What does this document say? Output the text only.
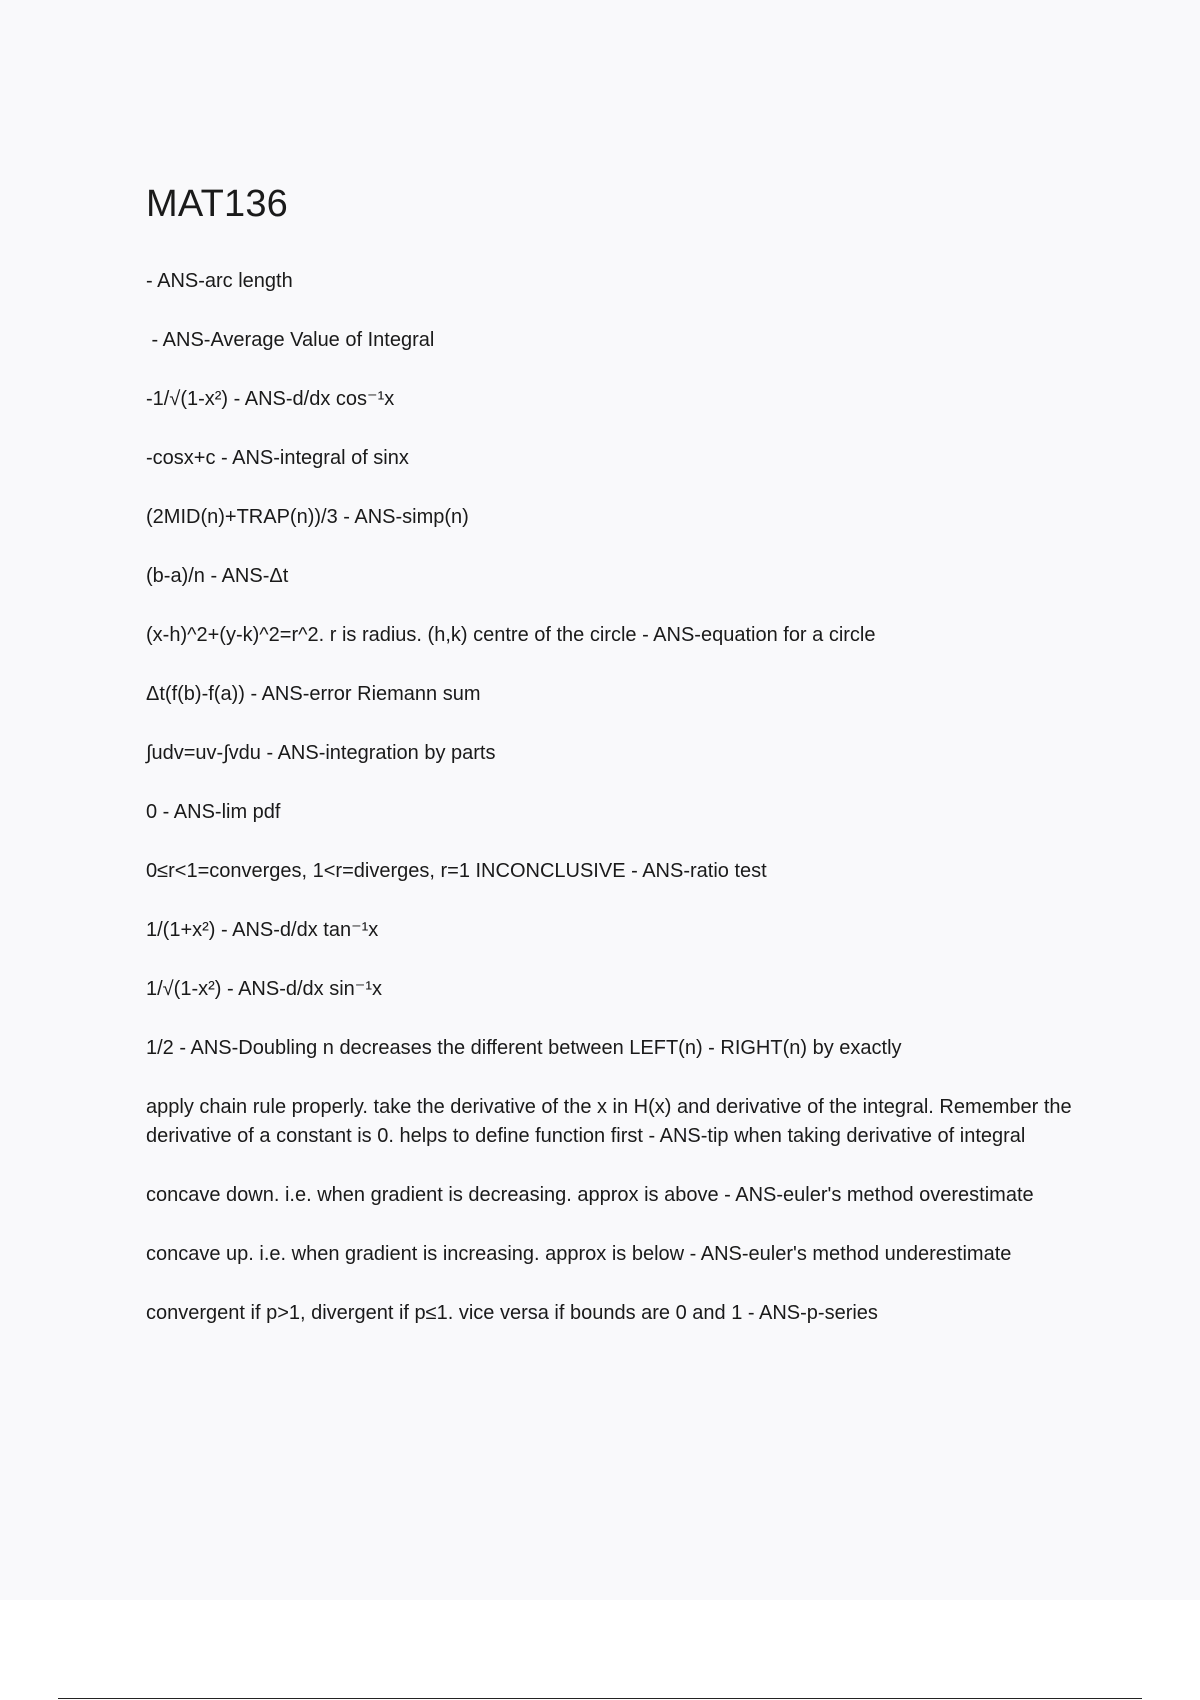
MAT136
- ANS-arc length
- ANS-Average Value of Integral
-1/√(1-x²) - ANS-d/dx cos⁻¹x
-cosx+c - ANS-integral of sinx
(2MID(n)+TRAP(n))/3 - ANS-simp(n)
(b-a)/n - ANS-Δt
(x-h)^2+(y-k)^2=r^2. r is radius. (h,k) centre of the circle - ANS-equation for a circle
Δt(f(b)-f(a)) - ANS-error Riemann sum
∫udv=uv-∫vdu - ANS-integration by parts
0 - ANS-lim pdf
0≤r<1=converges, 1<r=diverges, r=1 INCONCLUSIVE - ANS-ratio test
1/(1+x²) - ANS-d/dx tan⁻¹x
1/√(1-x²) - ANS-d/dx sin⁻¹x
1/2 - ANS-Doubling n decreases the different between LEFT(n) - RIGHT(n) by exactly
apply chain rule properly. take the derivative of the x in H(x) and derivative of the integral. Remember the derivative of a constant is 0. helps to define function first - ANS-tip when taking derivative of integral
concave down. i.e. when gradient is decreasing. approx is above - ANS-euler's method overestimate
concave up. i.e. when gradient is increasing. approx is below - ANS-euler's method underestimate
convergent if p>1, divergent if p≤1. vice versa if bounds are 0 and 1 - ANS-p-series
